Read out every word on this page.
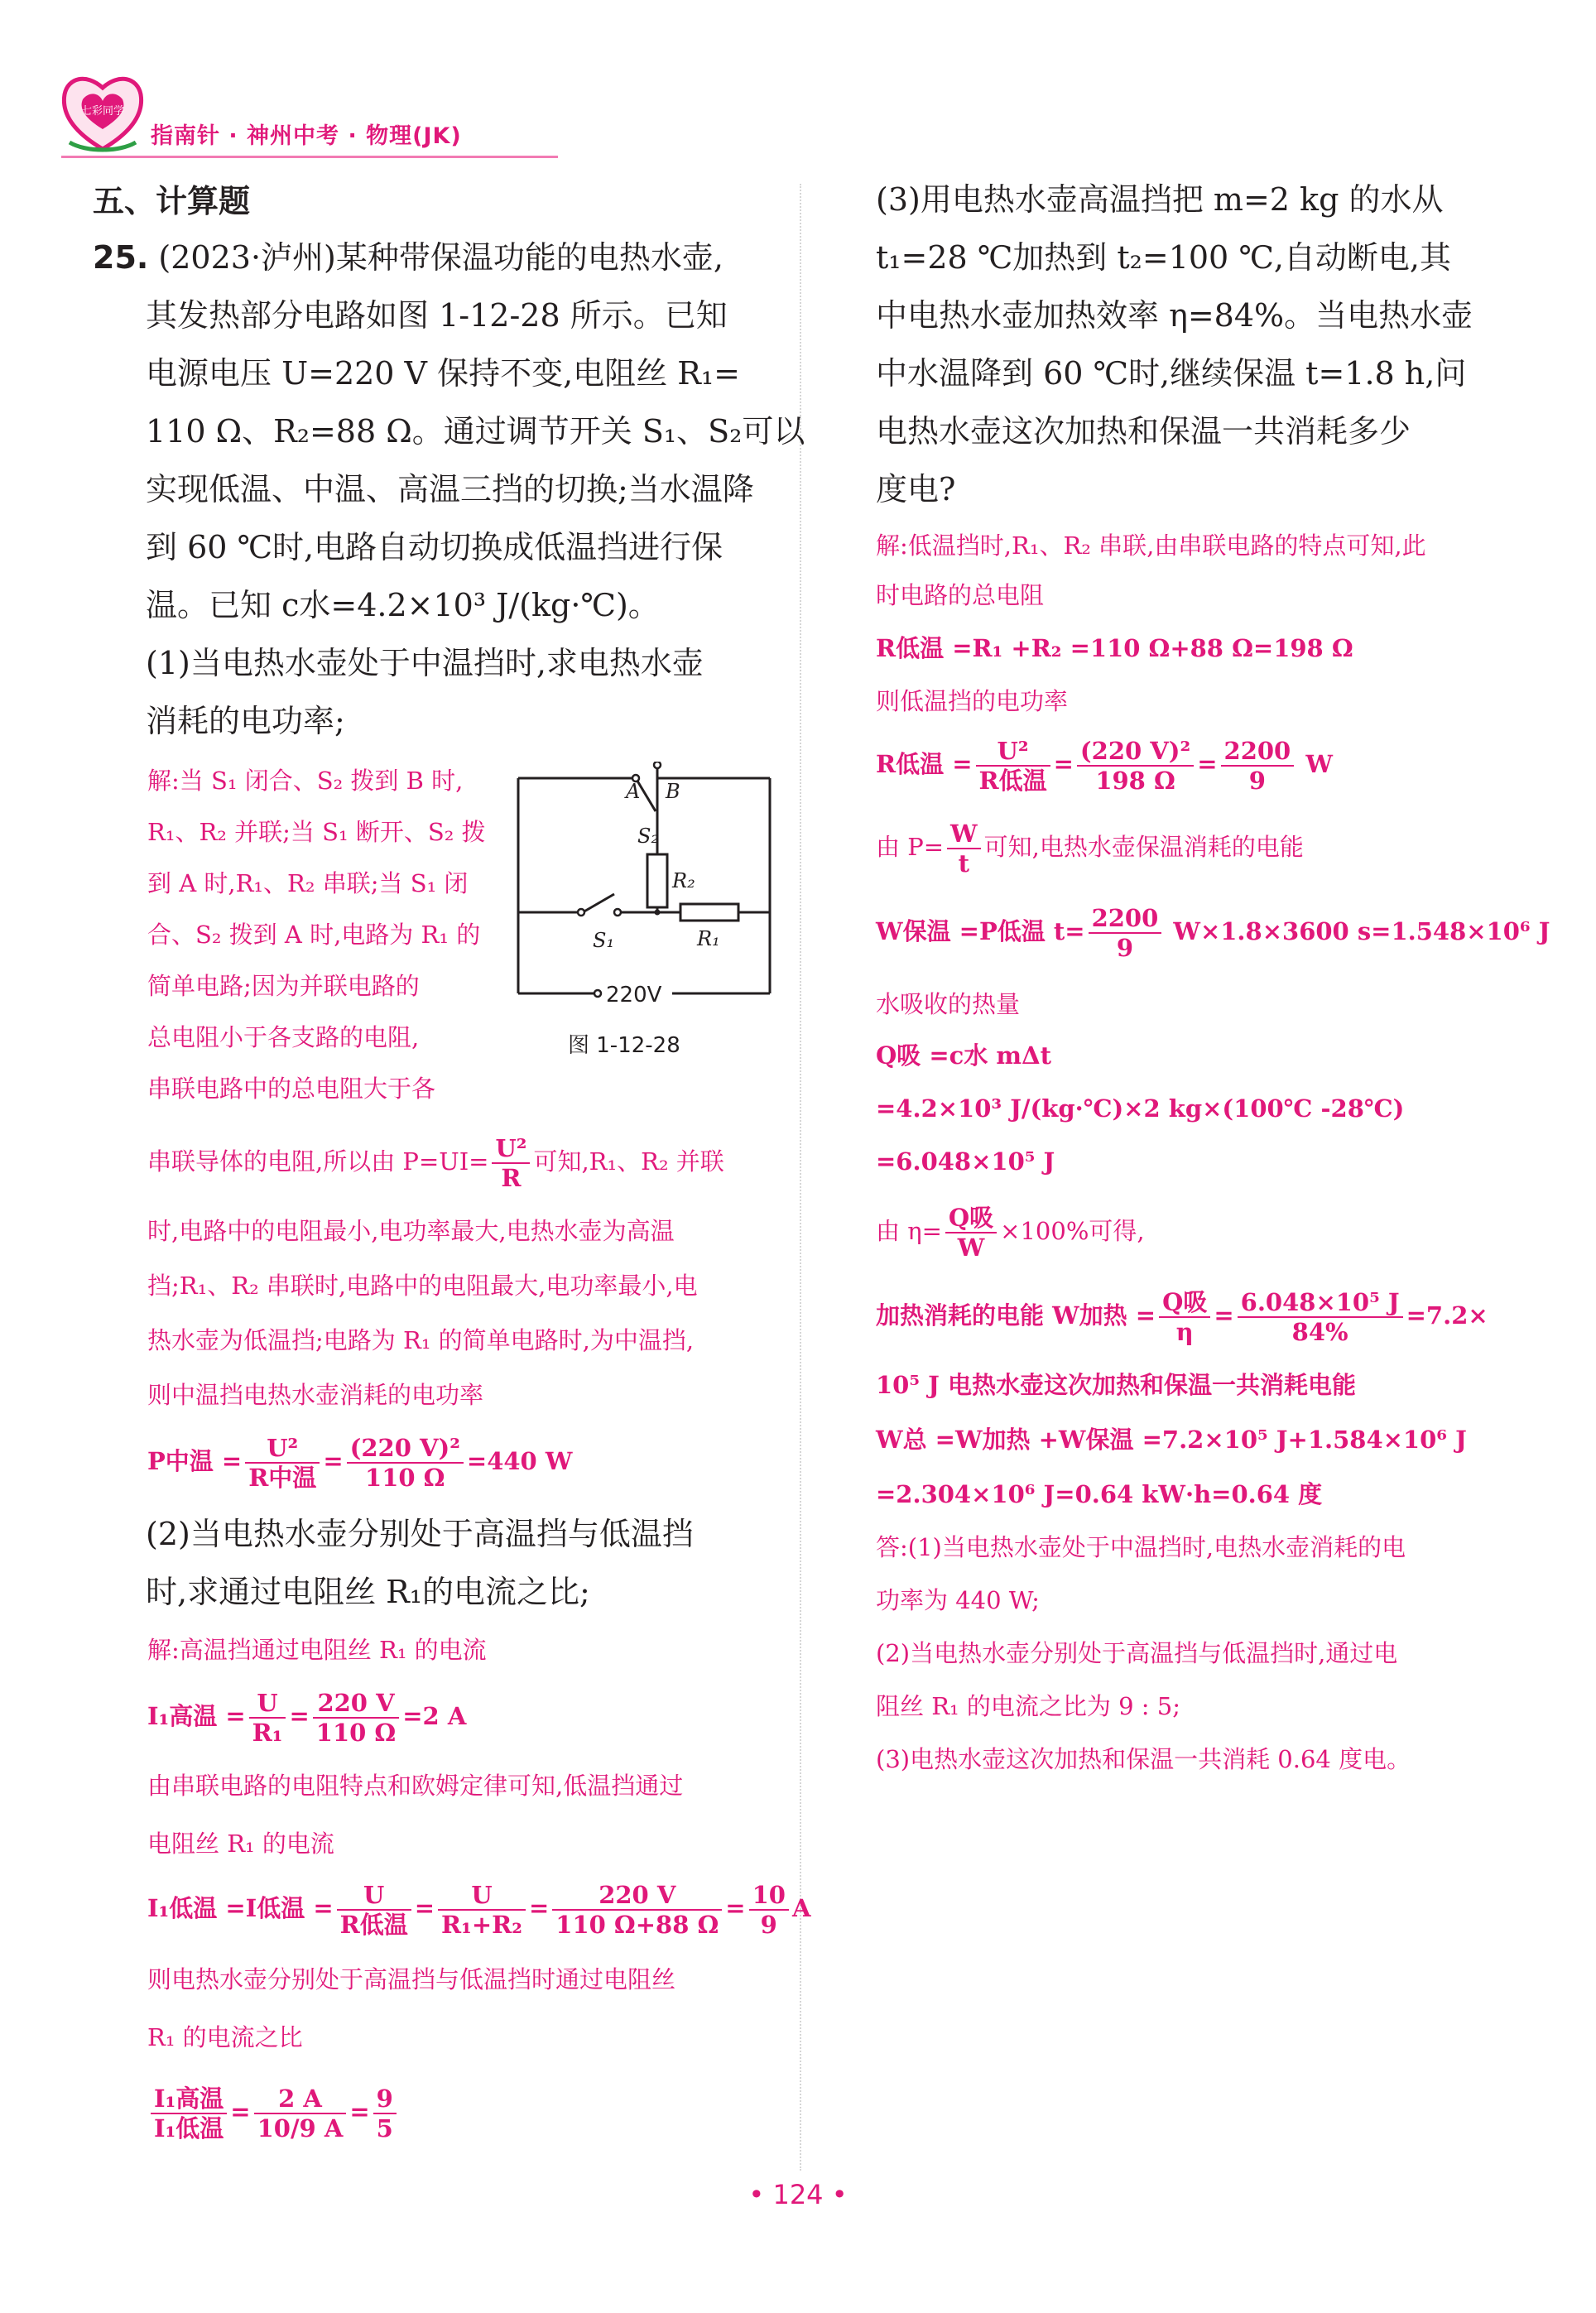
七彩同学
指南针 · 神州中考 · 物理(JK)
五、计算题
25. (2023·泸州)某种带保温功能的电热水壶,
其发热部分电路如图 1-12-28 所示。已知
电源电压 U=220 V 保持不变,电阻丝 R₁=
110 Ω、R₂=88 Ω。通过调节开关 S₁、S₂可以
实现低温、中温、高温三挡的切换;当水温降
到 60 ℃时,电路自动切换成低温挡进行保
温。已知 c水=4.2×10³ J/(kg·℃)。
(1)当电热水壶处于中温挡时,求电热水壶
消耗的电功率;
解:当 S₁ 闭合、S₂ 拨到 B 时,
R₁、R₂ 并联;当 S₁ 断开、S₂ 拨
到 A 时,R₁、R₂ 串联;当 S₁ 闭
合、S₂ 拨到 A 时,电路为 R₁ 的
简单电路;因为并联电路的
总电阻小于各支路的电阻,
串联电路中的总电阻大于各
A B
S₂
R₂
S₁	R₁
220V
图 1-12-28
串联导体的电阻,所以由 $P=UI= \frac{\text{U²}}{R}$ 可知,R₁、R₂ 并联
时,电路中的电阻最小,电功率最大,电热水壶为高温
挡;R₁、R₂ 串联时,电路中的电阻最大,电功率最小,电
热水壶为低温挡;电路为 R₁ 的简单电路时,为中温挡,
则中温挡电热水壶消耗的电功率
P中温 = $\frac{\text{U²}}{\text{R中温}} = \frac{\text{(220 V)²}}{110 \Omega} =440$ W
(2)当电热水壶分别处于高温挡与低温挡
时,求通过电阻丝 R₁的电流之比;
解:高温挡通过电阻丝 R₁ 的电流
I₁高温 = $\frac{U}{\text{R₁}} = \frac{220 V}{110 \Omega} =2$ A
由串联电路的电阻特点和欧姆定律可知,低温挡通过
电阻丝 R₁ 的电流
I₁低温 =I低温 = $\frac{U}{\text{R低温}} = \frac{U}{\text{R₁+R₂}} = \frac{220 V}{110 \Omega+88 \Omega} = \frac{10}{9}$ A
则电热水壶分别处于高温挡与低温挡时通过电阻丝
R₁ 的电流之比
$\frac{\text{I₁高温}}{\text{I₁低温}} = \frac{2 A}{10/9 A} = \frac{9}{5}$
(3)用电热水壶高温挡把 m=2 kg 的水从
t₁=28 ℃加热到 t₂=100 ℃,自动断电,其
中电热水壶加热效率 η=84%。当电热水壶
中水温降到 60 ℃时,继续保温 t=1.8 h,问
电热水壶这次加热和保温一共消耗多少
度电?
解:低温挡时,R₁、R₂ 串联,由串联电路的特点可知,此
时电路的总电阻
R低温 =R₁ +R₂ =110 Ω+88 Ω=198 Ω
则低温挡的电功率
R低温 = $\frac{\text{U²}}{\text{R低温}} = \frac{\text{(220 V)²}}{198 \Omega} = \frac{2200}{9}$ W
由 $P= \frac{W}{t}$ 可知,电热水壶保温消耗的电能
W保温 =P低温 $t= \frac{2200}{9} W\times 1.8\times 3600$ s=1.548×10⁶ J
水吸收的热量
Q吸 =c水 mΔt
=4.2×10³ J/(kg·℃)×2 kg×(100℃ -28℃)
=6.048×10⁵ J
由 $\eta= \frac{\text{Q吸}}{W} \times 100\%$可得,
加热消耗的电能 W加热 = $\frac{\text{Q吸}}{\eta} = \frac{\text{6.048×10⁵ J}}{84\%} =7.2\times$
10⁵ J 电热水壶这次加热和保温一共消耗电能
W总 =W加热 +W保温 =7.2×10⁵ J+1.584×10⁶ J
=2.304×10⁶ J=0.64 kW·h=0.64 度
答:(1)当电热水壶处于中温挡时,电热水壶消耗的电
功率为 440 W;
(2)当电热水壶分别处于高温挡与低温挡时,通过电
阻丝 R₁ 的电流之比为 9 : 5;
(3)电热水壶这次加热和保温一共消耗 0.64 度电。
• 124 •
